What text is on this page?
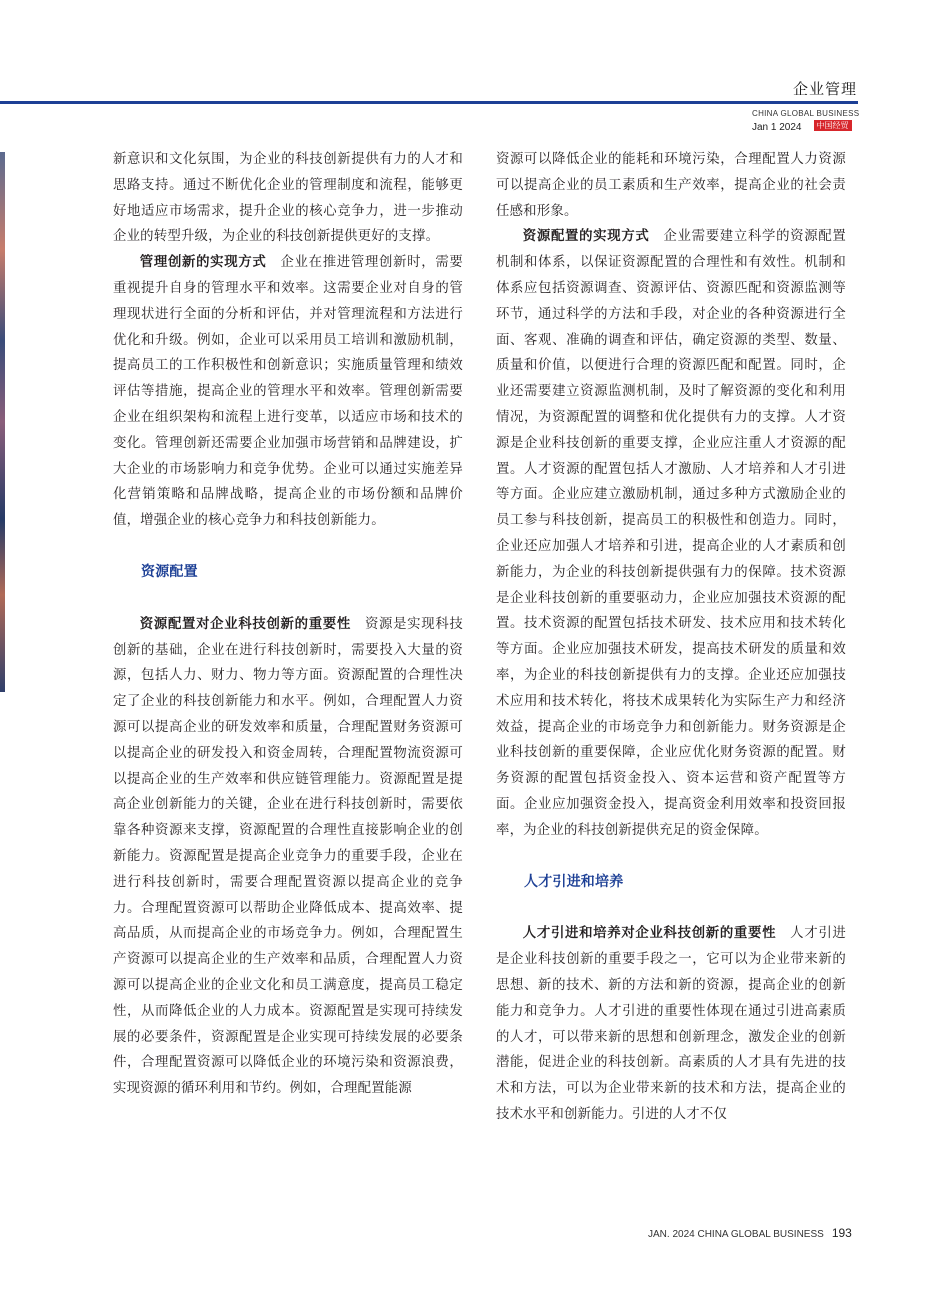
企业管理
CHINA GLOBAL BUSINESS
Jan 1 2024 中国经贸

新意识和文化氛围，为企业的科技创新提供有力的人才和思路支持。通过不断优化企业的管理制度和流程，能够更好地适应市场需求，提升企业的核心竞争力，进一步推动企业的转型升级，为企业的科技创新提供更好的支撑。

管理创新的实现方式 企业在推进管理创新时，需要重视提升自身的管理水平和效率。这需要企业对自身的管理现状进行全面的分析和评估，并对管理流程和方法进行优化和升级。例如，企业可以采用员工培训和激励机制，提高员工的工作积极性和创新意识；实施质量管理和绩效评估等措施，提高企业的管理水平和效率。管理创新需要企业在组织架构和流程上进行变革，以适应市场和技术的变化。管理创新还需要企业加强市场营销和品牌建设，扩大企业的市场影响力和竞争优势。企业可以通过实施差异化营销策略和品牌战略，提高企业的市场份额和品牌价值，增强企业的核心竞争力和科技创新能力。

资源配置

资源配置对企业科技创新的重要性 资源是实现科技创新的基础，企业在进行科技创新时，需要投入大量的资源，包括人力、财力、物力等方面。资源配置的合理性决定了企业的科技创新能力和水平。例如，合理配置人力资源可以提高企业的研发效率和质量，合理配置财务资源可以提高企业的研发投入和资金周转，合理配置物流资源可以提高企业的生产效率和供应链管理能力。资源配置是提高企业创新能力的关键，企业在进行科技创新时，需要依靠各种资源来支撑，资源配置的合理性直接影响企业的创新能力。资源配置是提高企业竞争力的重要手段，企业在进行科技创新时，需要合理配置资源以提高企业的竞争力。合理配置资源可以帮助企业降低成本、提高效率、提高品质，从而提高企业的市场竞争力。例如，合理配置生产资源可以提高企业的生产效率和品质，合理配置人力资源可以提高企业的企业文化和员工满意度，提高员工稳定性，从而降低企业的人力成本。资源配置是实现可持续发展的必要条件，资源配置是企业实现可持续发展的必要条件，合理配置资源可以降低企业的环境污染和资源浪费，实现资源的循环利用和节约。例如，合理配置能源

资源可以降低企业的能耗和环境污染，合理配置人力资源可以提高企业的员工素质和生产效率，提高企业的社会责任感和形象。

资源配置的实现方式 企业需要建立科学的资源配置机制和体系，以保证资源配置的合理性和有效性。机制和体系应包括资源调查、资源评估、资源匹配和资源监测等环节，通过科学的方法和手段，对企业的各种资源进行全面、客观、准确的调查和评估，确定资源的类型、数量、质量和价值，以便进行合理的资源匹配和配置。同时，企业还需要建立资源监测机制，及时了解资源的变化和利用情况，为资源配置的调整和优化提供有力的支撑。人才资源是企业科技创新的重要支撑，企业应注重人才资源的配置。人才资源的配置包括人才激励、人才培养和人才引进等方面。企业应建立激励机制，通过多种方式激励企业的员工参与科技创新，提高员工的积极性和创造力。同时，企业还应加强人才培养和引进，提高企业的人才素质和创新能力，为企业的科技创新提供强有力的保障。技术资源是企业科技创新的重要驱动力，企业应加强技术资源的配置。技术资源的配置包括技术研发、技术应用和技术转化等方面。企业应加强技术研发，提高技术研发的质量和效率，为企业的科技创新提供有力的支撑。企业还应加强技术应用和技术转化，将技术成果转化为实际生产力和经济效益，提高企业的市场竞争力和创新能力。财务资源是企业科技创新的重要保障，企业应优化财务资源的配置。财务资源的配置包括资金投入、资本运营和资产配置等方面。企业应加强资金投入，提高资金利用效率和投资回报率，为企业的科技创新提供充足的资金保障。

人才引进和培养

人才引进和培养对企业科技创新的重要性 人才引进是企业科技创新的重要手段之一，它可以为企业带来新的思想、新的技术、新的方法和新的资源，提高企业的创新能力和竞争力。人才引进的重要性体现在通过引进高素质的人才，可以带来新的思想和创新理念，激发企业的创新潜能，促进企业的科技创新。高素质的人才具有先进的技术和方法，可以为企业带来新的技术和方法，提高企业的技术水平和创新能力。引进的人才不仅

JAN. 2024 CHINA GLOBAL BUSINESS 193
